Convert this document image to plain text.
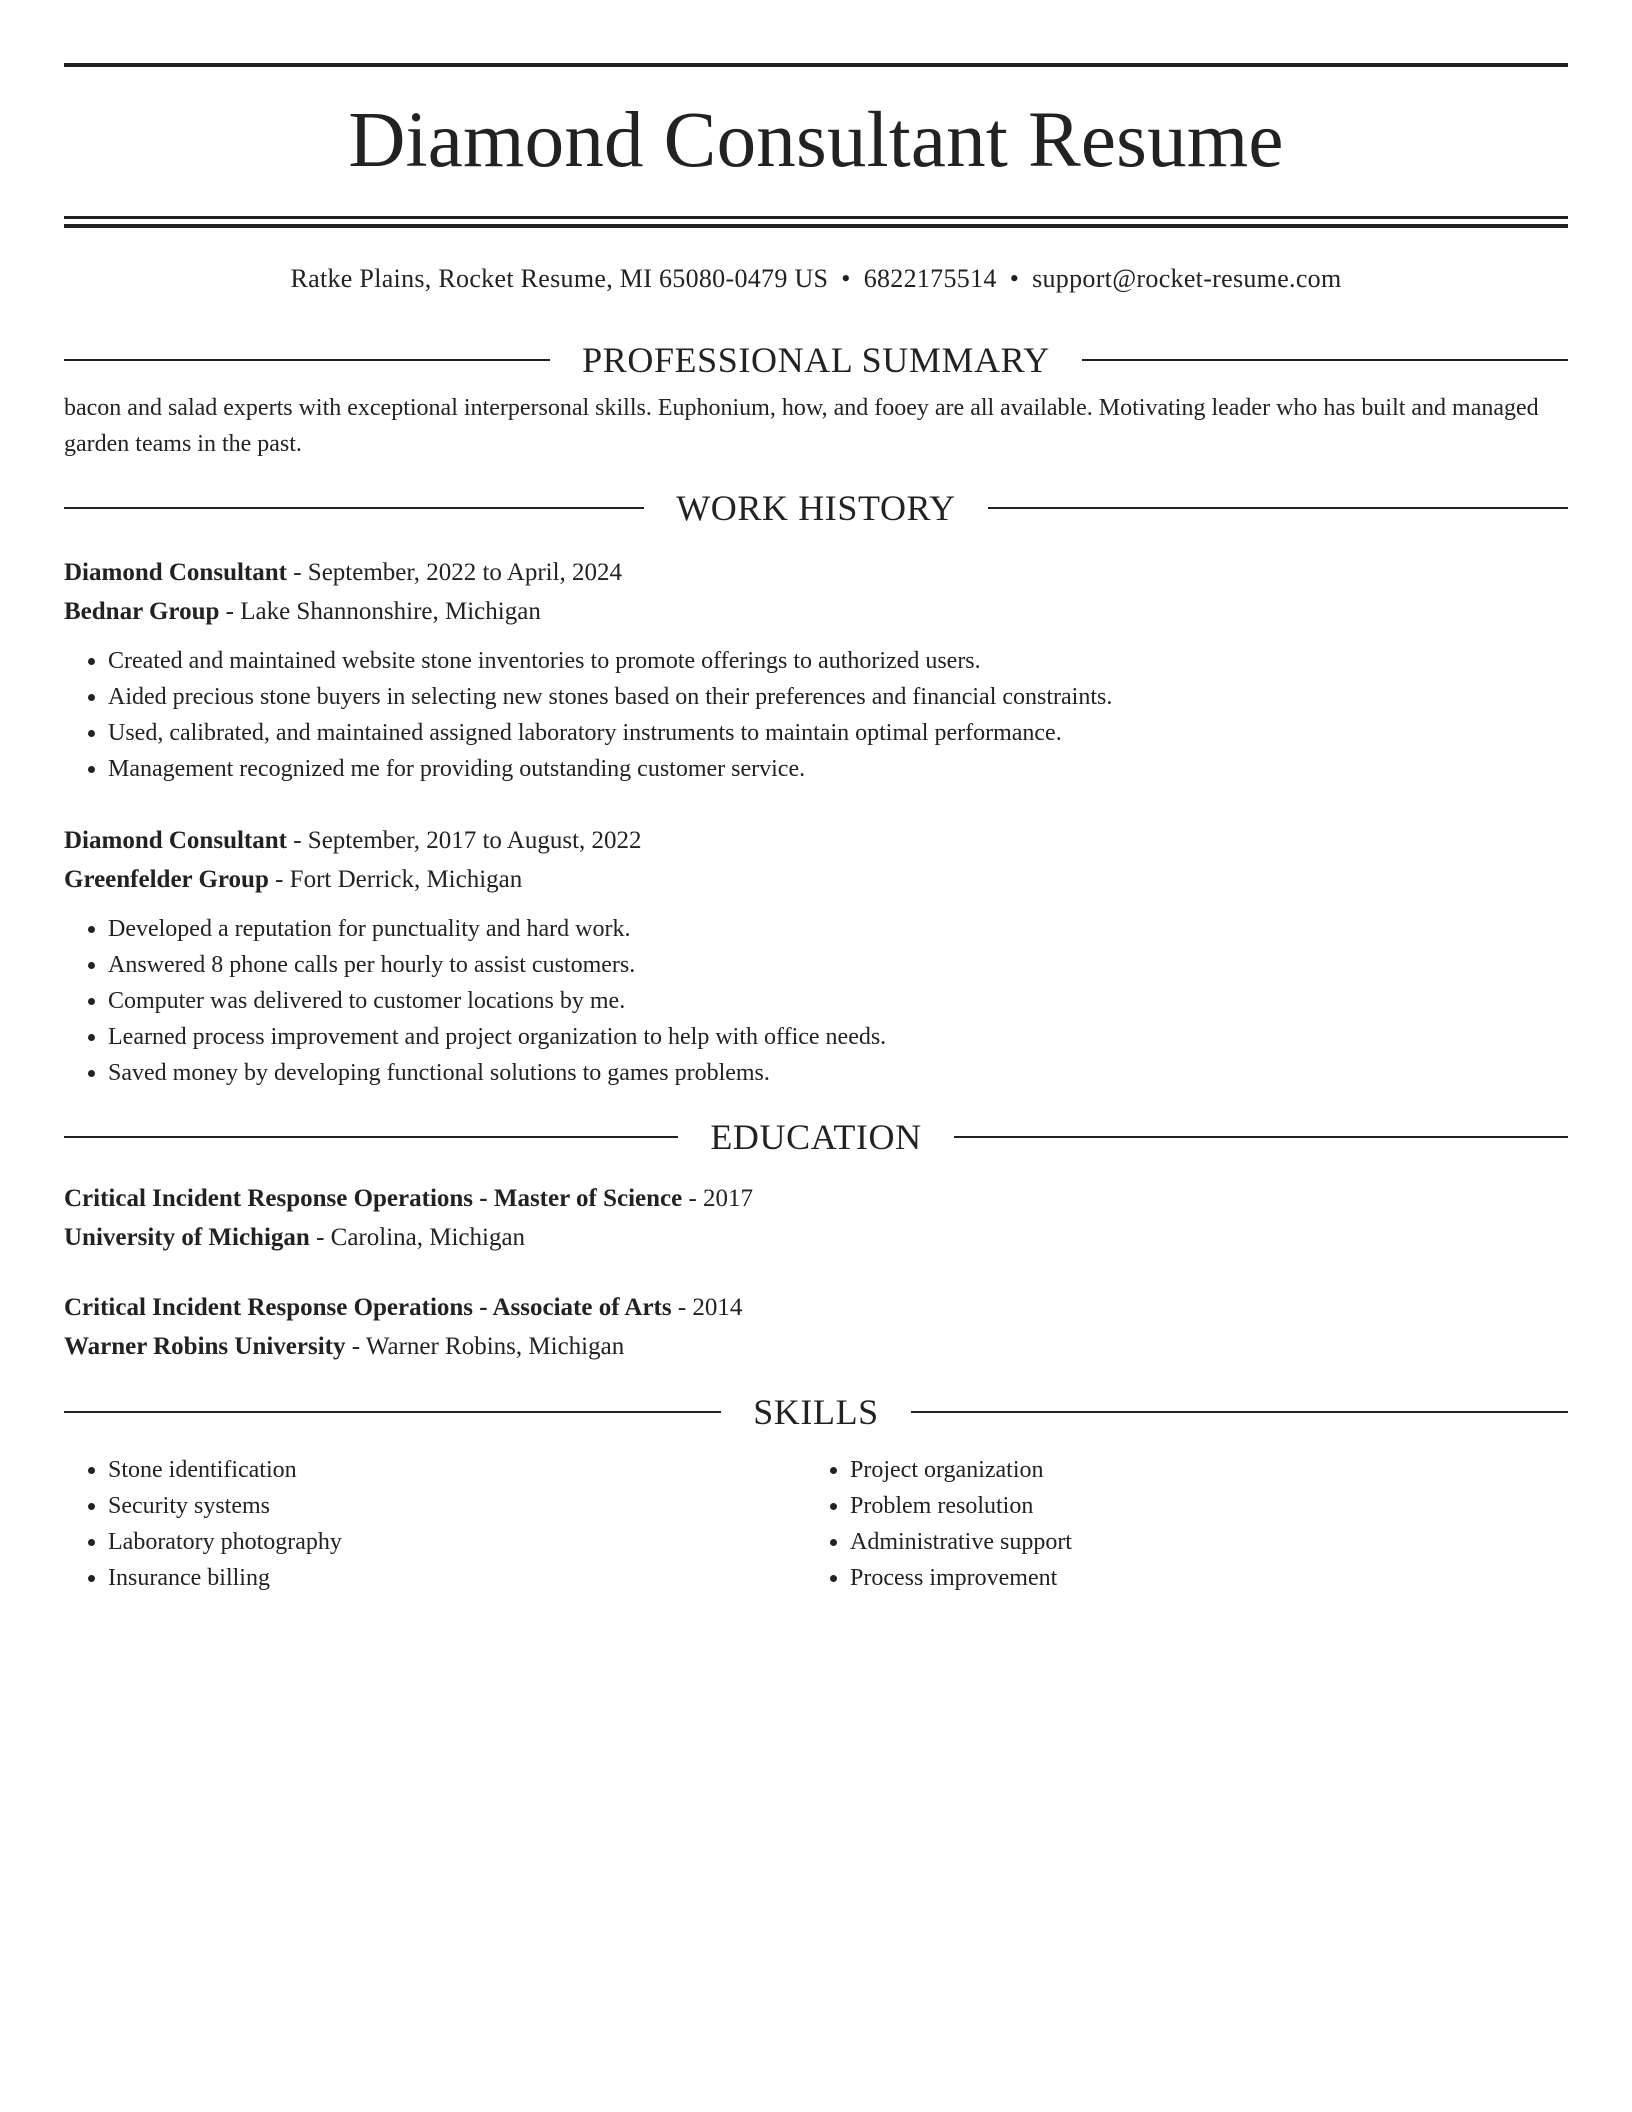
Diamond Consultant Resume
Ratke Plains, Rocket Resume, MI 65080-0479 US • 6822175514 • support@rocket-resume.com
PROFESSIONAL SUMMARY

bacon and salad experts with exceptional interpersonal skills. Euphonium, how, and fooey are all available. Motivating leader who has built and managed garden teams in the past.

WORK HISTORY
Diamond Consultant - September, 2022 to April, 2024
Bednar Group - Lake Shannonshire, Michigan
• Created and maintained website stone inventories to promote offerings to authorized users.
• Aided precious stone buyers in selecting new stones based on their preferences and financial constraints.
• Used, calibrated, and maintained assigned laboratory instruments to maintain optimal performance.
• Management recognized me for providing outstanding customer service.
Diamond Consultant - September, 2017 to August, 2022
Greenfelder Group - Fort Derrick, Michigan
• Developed a reputation for punctuality and hard work.
• Answered 8 phone calls per hourly to assist customers.
• Computer was delivered to customer locations by me.
• Learned process improvement and project organization to help with office needs.
• Saved money by developing functional solutions to games problems.
EDUCATION
Critical Incident Response Operations - Master of Science - 2017
University of Michigan - Carolina, Michigan
Critical Incident Response Operations - Associate of Arts - 2014
Warner Robins University - Warner Robins, Michigan
SKILLS
• Stone identification
• Security systems
• Laboratory photography
• Insurance billing
• Project organization
• Problem resolution
• Administrative support
• Process improvement
